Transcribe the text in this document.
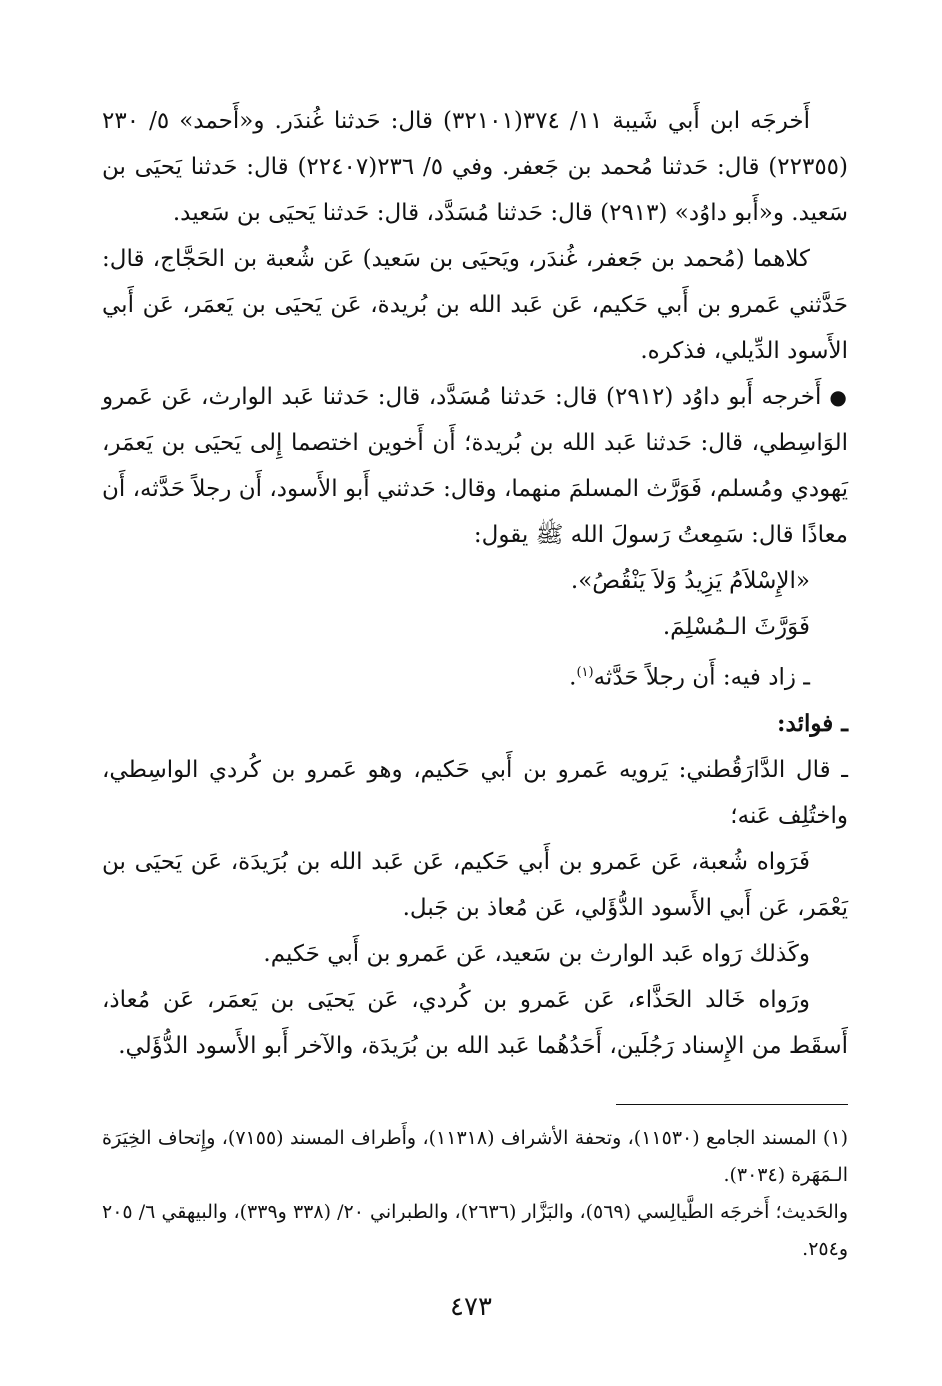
أَخرجَه ابن أَبي شَيبة ١١/ ٣٧٤(٣٢١٠١) قال: حَدثنا غُندَر. و«أَحمد» ٥/ ٢٣٠ (٢٢٣٥٥) قال: حَدثنا مُحمد بن جَعفر. وفي ٥/ ٢٣٦(٢٢٤٠٧) قال: حَدثنا يَحيَى بن سَعيد. و«أَبو داوُد» (٢٩١٣) قال: حَدثنا مُسَدَّد، قال: حَدثنا يَحيَى بن سَعيد.

كلاهما (مُحمد بن جَعفر، غُندَر، ويَحيَى بن سَعيد) عَن شُعبة بن الحَجَّاج، قال: حَدَّثني عَمرو بن أَبي حَكيم، عَن عَبد الله بن بُريدة، عَن يَحيَى بن يَعمَر، عَن أَبي الأَسود الدِّيلي، فذكره.

●أَخرجه أَبو داوُد (٢٩١٢) قال: حَدثنا مُسَدَّد، قال: حَدثنا عَبد الوارث، عَن عَمرو الوَاسِطي، قال: حَدثنا عَبد الله بن بُريدة؛ أَن أَخوين اختصما إِلى يَحيَى بن يَعمَر، يَهودي ومُسلم، فَوَرَّث المسلمَ منهما، وقال: حَدثني أَبو الأَسود، أَن رجلاً حَدَّثه، أَن معاذًا قال: سَمِعتُ رَسولَ الله ﷺ يقول:

«الإِسْلاَمُ يَزِيدُ وَلاَ يَنْقُصُ».

فَوَرَّثَ الـمُسْلِمَ.

ـ زاد فيه: أَن رجلاً حَدَّثه$^{(١)}$.

ـ فوائد:

ـ قال الدَّارَقُطني: يَرويه عَمرو بن أَبي حَكيم، وهو عَمرو بن كُردي الواسِطي، واختُلِف عَنه؛

فَرَواه شُعبة، عَن عَمرو بن أَبي حَكيم، عَن عَبد الله بن بُرَيدَة، عَن يَحيَى بن يَعْمَر، عَن أَبي الأَسود الدُّؤَلي، عَن مُعاذ بن جَبل.

وكَذلك رَواه عَبد الوارث بن سَعيد، عَن عَمرو بن أَبي حَكيم.

ورَواه خَالد الحَذَّاء، عَن عَمرو بن كُردي، عَن يَحيَى بن يَعمَر، عَن مُعاذ، أَسقَط من الإِسناد رَجُلَين، أَحَدُهُما عَبد الله بن بُرَيدَة، والآخر أَبو الأَسود الدُّؤَلي.

(١) المسند الجامع (١١٥٣٠)، وتحفة الأشراف (١١٣١٨)، وأَطراف المسند (٧١٥٥)، وإِتحاف الخِيَرَة الـمَهَرة (٣٠٣٤).

والحَديث؛ أَخرجَه الطَّيالِسي (٥٦٩)، والبَزَّار (٢٦٣٦)، والطبراني ٢٠/ (٣٣٨ و٣٣٩)، والبيهقي ٦/ ٢٠٥ و٢٥٤.

٤٧٣
